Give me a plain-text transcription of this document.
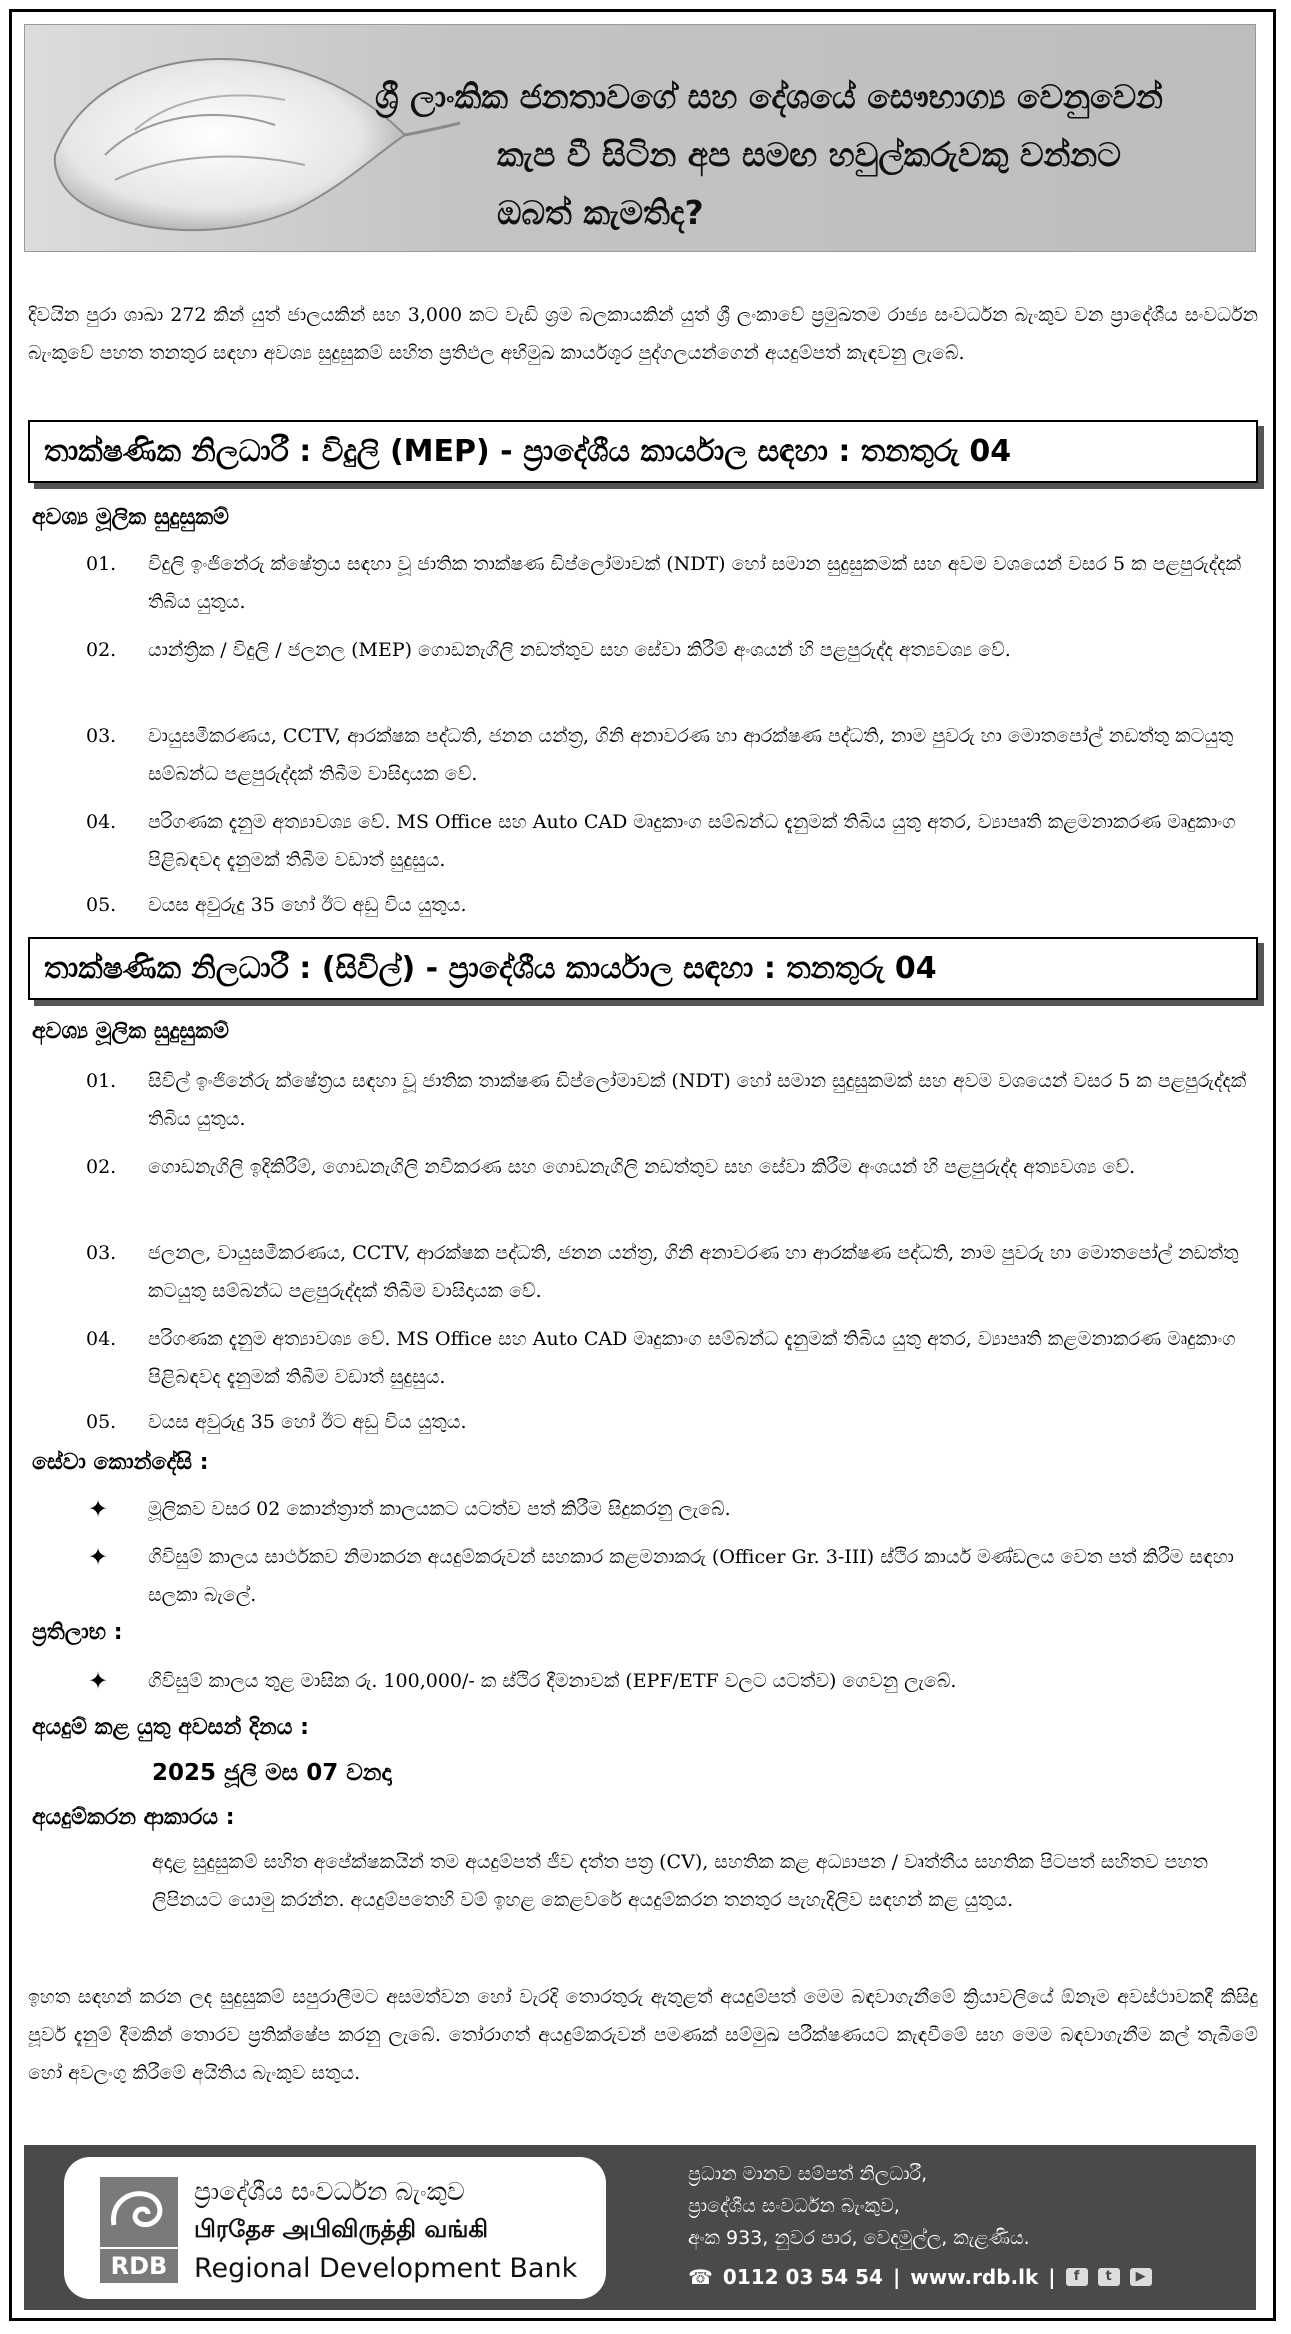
ශ්‍රී ලාංකික ජනතාවගේ සහ දේශයේ සෞභාග්‍ය වෙනුවෙන්
කැප වී සිටින අප සමඟ හවුල්කරුවකු වන්නට
ඔබත් කැමතිද?
දිවයින පුරා ශාඛා 272 කින් යුත් ජාලයකින් සහ 3,000 කට වැඩි ශ්‍රම බලකායකින් යුත් ශ්‍රී ලංකාවේ ප්‍රමුඛතම රාජ්‍ය සංවර්ධන බැංකුව වන ප්‍රාදේශීය සංවර්ධන බැංකුවේ පහත තනතුර සඳහා අවශ්‍ය සුදුසුකම් සහිත ප්‍රතිඵල අභිමුඛ කාර්යශූර පුද්ගලයන්ගෙන් අයදුම්පත් කැඳවනු ලැබේ.
තාක්ෂණික නිලධාරී : විදුලි (MEP) - ප්‍රාදේශීය කාර්යාල සඳහා : තනතුරු 04
අවශ්‍ය මූලික සුදුසුකම්
01. විදුලි ඉංජිනේරු ක්ෂේත්‍රය සඳහා වූ ජාතික තාක්ෂණ ඩිප්ලෝමාවක් (NDT) හෝ සමාන සුදුසුකමක් සහ අවම වශයෙන් වසර 5 ක පළපුරුද්දක් තිබිය යුතුය.
02. යාන්ත්‍රික / විදුලි / ජලනල (MEP) ගොඩනැගිලි නඩත්තුව සහ සේවා කිරීම් අංශයන් හි පළපුරුද්ද අත්‍යවශ්‍ය වේ.
03. වායුසමීකරණය, CCTV, ආරක්ෂක පද්ධති, ජනන යන්ත්‍ර, ගිනි අනාවරණ හා ආරක්ෂණ පද්ධති, නාම පුවරු හා මොතපෝල් නඩත්තු කටයුතු සම්බන්ධ පළපුරුද්දක් තිබීම වාසිදායක වේ.
04. පරිගණක දැනුම අත්‍යාවශ්‍ය වේ. MS Office සහ Auto CAD මෘදුකාංග සම්බන්ධ දැනුමක් තිබිය යුතු අතර, ව්‍යාපෘති කළමනාකරණ මෘදුකාංග පිළිබඳවද දැනුමක් තිබීම වඩාත් සුදුසුය.
05. වයස අවුරුදු 35 හෝ ඊට අඩු විය යුතුය.
තාක්ෂණික නිලධාරී : (සිවිල්) - ප්‍රාදේශීය කාර්යාල සඳහා : තනතුරු 04
අවශ්‍ය මූලික සුදුසුකම්
01. සිවිල් ඉංජිනේරු ක්ෂේත්‍රය සඳහා වූ ජාතික තාක්ෂණ ඩිප්ලෝමාවක් (NDT) හෝ සමාන සුදුසුකමක් සහ අවම වශයෙන් වසර 5 ක පළපුරුද්දක් තිබිය යුතුය.
02. ගොඩනැගිලි ඉදිකිරීම්, ගොඩනැගිලි නවීකරණ සහ ගොඩනැගිලි නඩත්තුව සහ සේවා කිරීම අංශයන් හි පළපුරුද්ද අත්‍යවශ්‍ය වේ.
03. ජලනල, වායුසමීකරණය, CCTV, ආරක්ෂක පද්ධති, ජනන යන්ත්‍ර, ගිනි අනාවරණ හා ආරක්ෂණ පද්ධති, නාම පුවරු හා මොතපෝල් නඩත්තු කටයුතු සම්බන්ධ පළපුරුද්දක් තිබීම වාසිදායක වේ.
04. පරිගණක දැනුම අත්‍යාවශ්‍ය වේ. MS Office සහ Auto CAD මෘදුකාංග සම්බන්ධ දැනුමක් තිබිය යුතු අතර, ව්‍යාපෘති කළමනාකරණ මෘදුකාංග පිළිබඳවද දැනුමක් තිබීම වඩාත් සුදුසුය.
05. වයස අවුරුදු 35 හෝ ඊට අඩු විය යුතුය.
සේවා කොන්දේසි :
✦ මූලිකව වසර 02 කොන්ත්‍රාත් කාලයකට යටත්ව පත් කිරීම සිදුකරනු ලැබේ.
✦ ගිවිසුම් කාලය සාර්ථකව නිමාකරන අයදුම්කරුවන් සහකාර කළමනාකරු (Officer Gr. 3-III) ස්ථිර කාර්ය මණ්ඩලය වෙත පත් කිරීම සඳහා සලකා බැලේ.
ප්‍රතිලාභ :
✦ ගිවිසුම් කාලය තුළ මාසික රු. 100,000/- ක ස්ථිර දීමනාවක් (EPF/ETF වලට යටත්ව) ගෙවනු ලැබේ.
අයදුම් කළ යුතු අවසන් දිනය :
2025 ජූලි මස 07 වනදා
අයදුම්කරන ආකාරය :
අදාළ සුදුසුකම් සහිත අපේක්ෂකයින් තම අයදුම්පත් ජීව දත්ත පත්‍ර (CV), සහතික කළ අධ්‍යාපන / වෘත්තීය සහතික පිටපත් සහිතව පහත ලිපිනයට යොමු කරන්න. අයදුම්පතෙහි වම් ඉහළ කෙළවරේ අයදුම්කරන තනතුර පැහැදිලිව සඳහන් කළ යුතුය.
ඉහත සඳහන් කරන ලද සුදුසුකම් සපුරාලීමට අසමත්වන හෝ වැරදි තොරතුරු ඇතුළත් අයදුම්පත් මෙම බඳවාගැනීමේ ක්‍රියාවලියේ ඕනෑම අවස්ථාවකදී කිසිදු පූර්ව දැනුම් දීමකින් තොරව ප්‍රතික්ෂේප කරනු ලැබේ. තෝරාගත් අයදුම්කරුවන් පමණක් සම්මුඛ පරීක්ෂණයට කැඳවීමේ සහ මෙම බඳවාගැනීම කල් තැබීමේ හෝ අවලංගු කිරීමේ අයිතිය බැංකුව සතුය.
RDB
ප්‍රාදේශීය සංවර්ධන බැංකුව
பிரதேச அபிவிருத்தி வங்கி
Regional Development Bank
ප්‍රධාන මානව සම්පත් නිලධාරී,
ප්‍රාදේශීය සංවර්ධන බැංකුව,
අංක 933, නුවර පාර, වෙදමුල්ල, කැළණිය.
☎ 0112 03 54 54 | www.rdb.lk |	f	t	▶
